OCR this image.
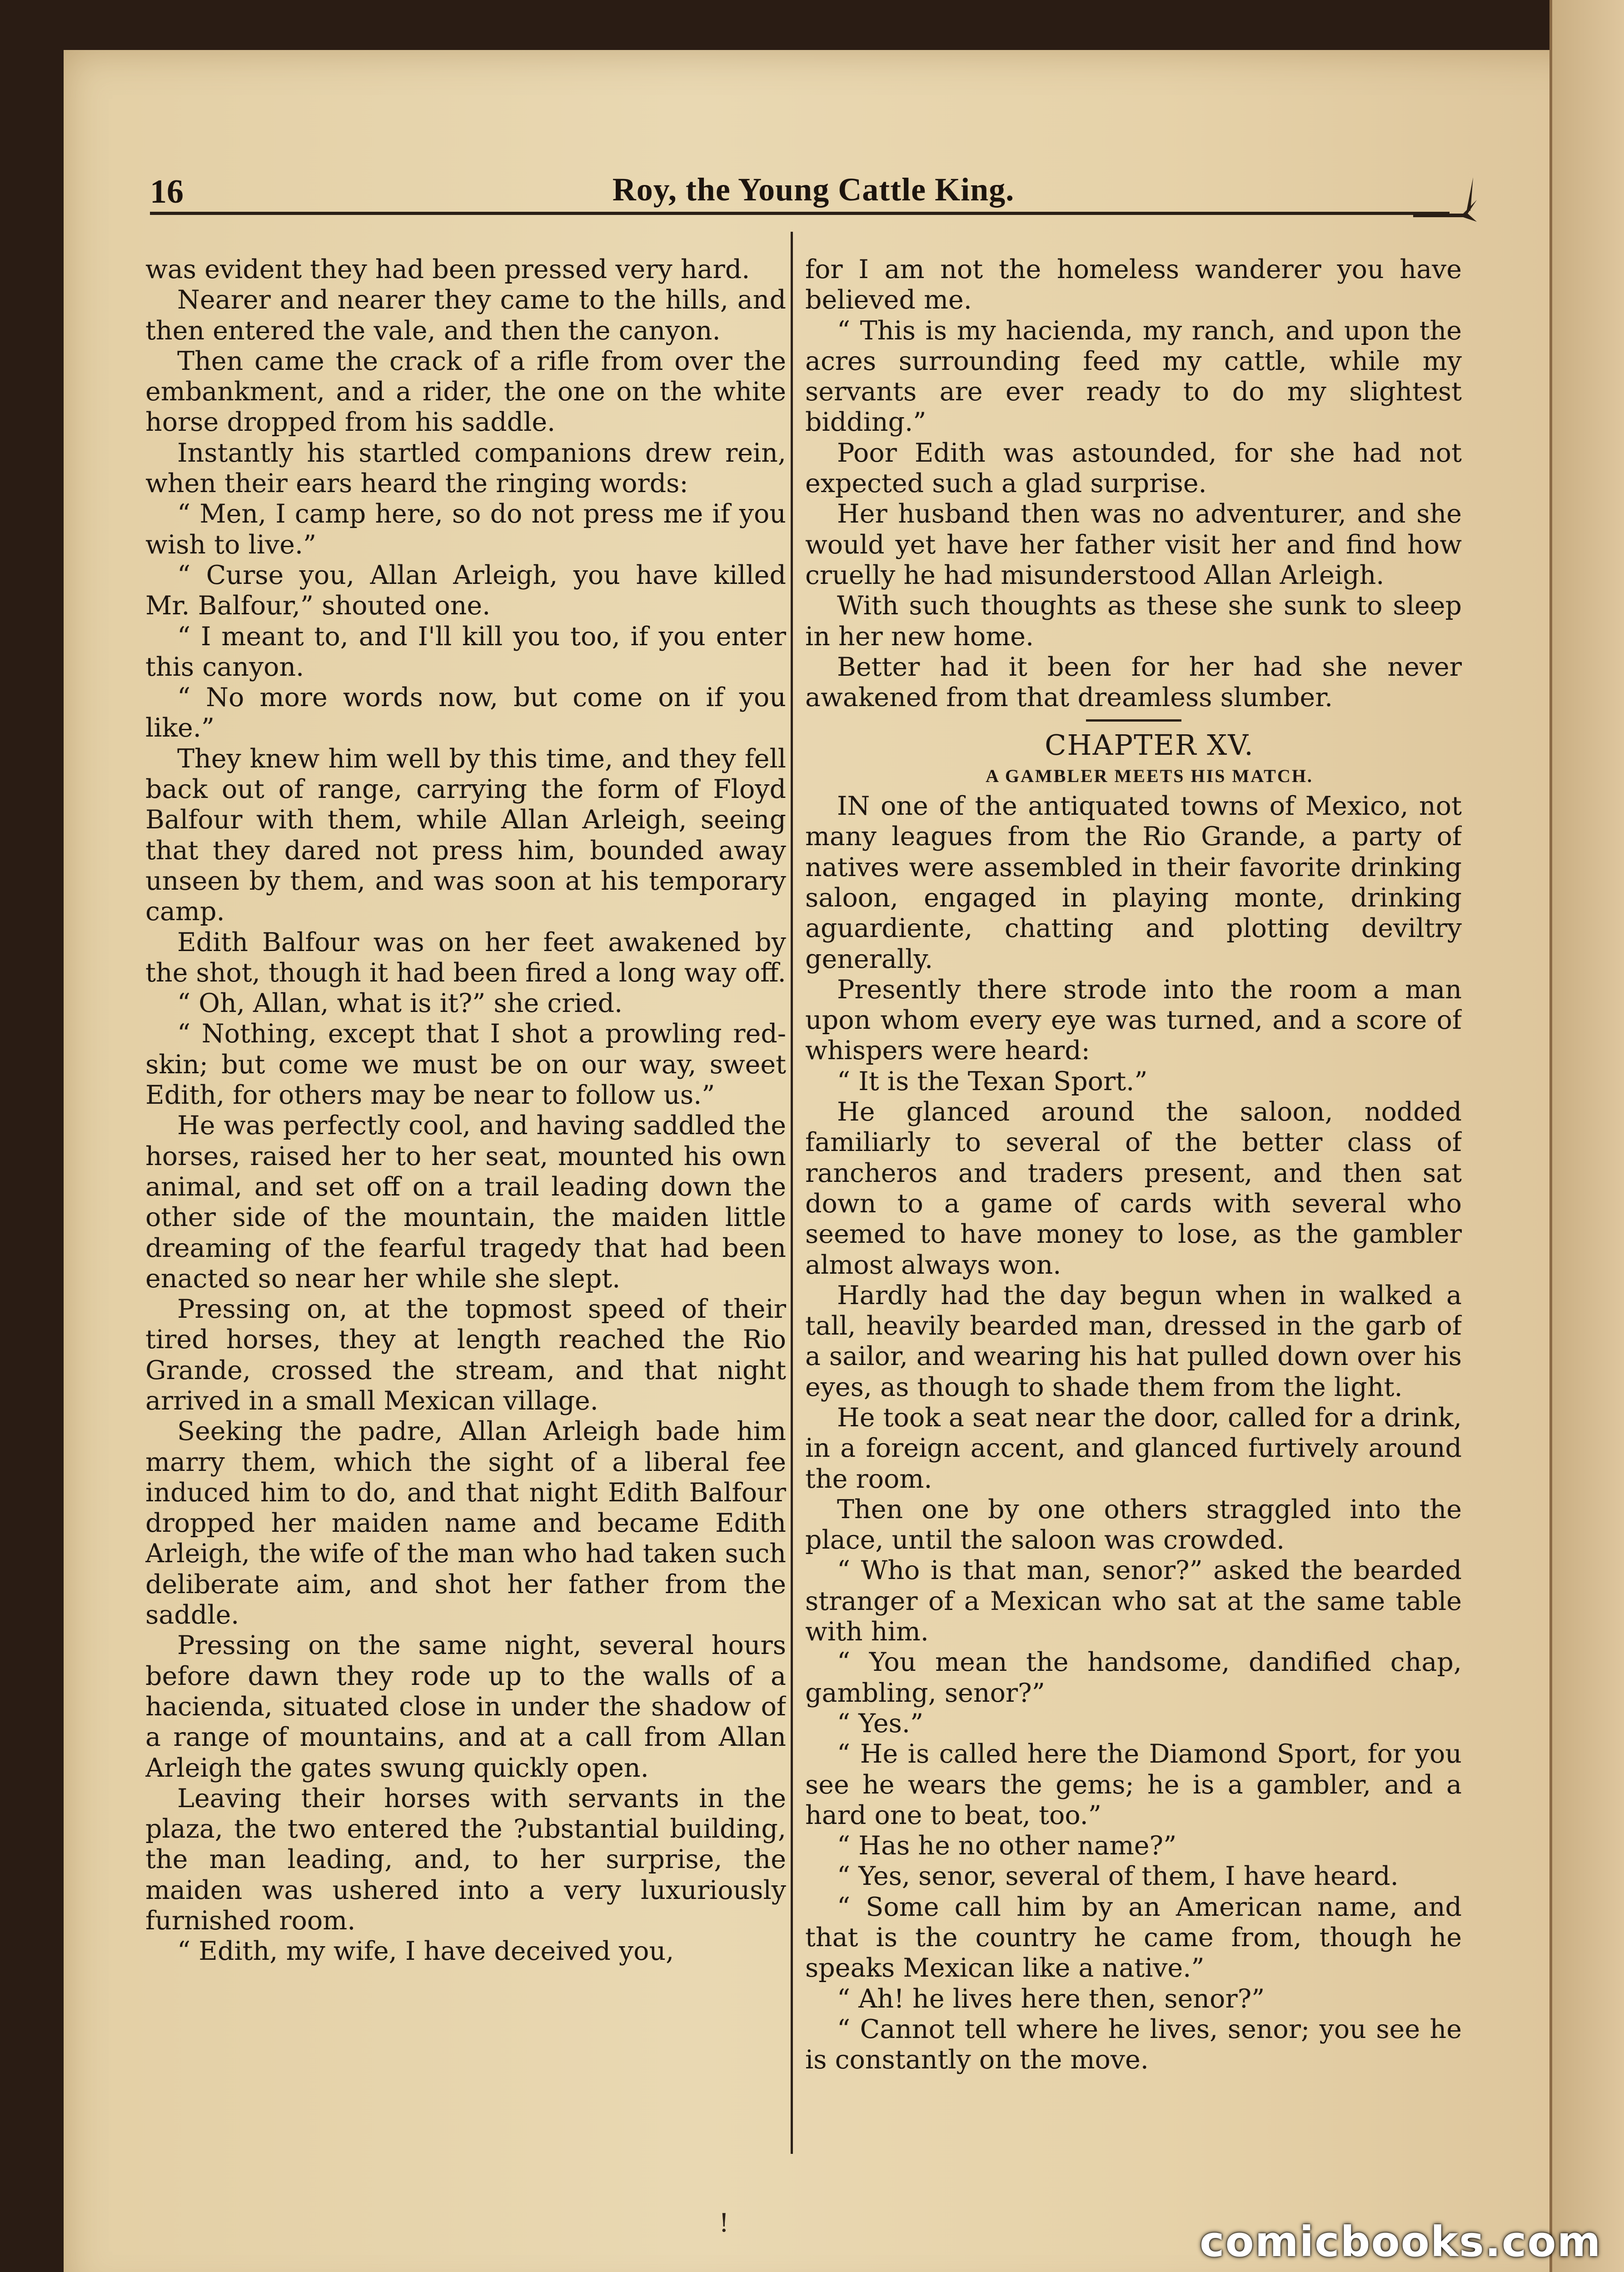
16	Roy, the Young Cattle King.

was evident they had been pressed very hard.

Nearer and nearer they came to the hills, and then entered the vale, and then the canyon.

Then came the crack of a rifle from over the embankment, and a rider, the one on the white horse dropped from his saddle.

Instantly his startled companions drew rein, when their ears heard the ringing words:

“ Men, I camp here, so do not press me if you wish to live.”

“ Curse you, Allan Arleigh, you have killed Mr. Balfour,” shouted one.

“ I meant to, and I'll kill you too, if you enter this canyon.

“ No more words now, but come on if you like.”

They knew him well by this time, and they fell back out of range, carrying the form of Floyd Balfour with them, while Allan Arleigh, seeing that they dared not press him, bounded away unseen by them, and was soon at his temporary camp.

Edith Balfour was on her feet awakened by the shot, though it had been fired a long way off.

“ Oh, Allan, what is it?” she cried.

“ Nothing, except that I shot a prowling red-skin; but come we must be on our way, sweet Edith, for others may be near to follow us.”

He was perfectly cool, and having saddled the horses, raised her to her seat, mounted his own animal, and set off on a trail leading down the other side of the mountain, the maiden little dreaming of the fearful tragedy that had been enacted so near her while she slept.

Pressing on, at the topmost speed of their tired horses, they at length reached the Rio Grande, crossed the stream, and that night arrived in a small Mexican village.

Seeking the padre, Allan Arleigh bade him marry them, which the sight of a liberal fee induced him to do, and that night Edith Balfour dropped her maiden name and became Edith Arleigh, the wife of the man who had taken such deliberate aim, and shot her father from the saddle.

Pressing on the same night, several hours before dawn they rode up to the walls of a hacienda, situated close in under the shadow of a range of mountains, and at a call from Allan Arleigh the gates swung quickly open.

Leaving their horses with servants in the plaza, the two entered the ?ubstantial building, the man leading, and, to her surprise, the maiden was ushered into a very luxuriously furnished room.

“ Edith, my wife, I have deceived you,

for I am not the homeless wanderer you have believed me.

“ This is my hacienda, my ranch, and upon the acres surrounding feed my cattle, while my servants are ever ready to do my slightest bidding.”

Poor Edith was astounded, for she had not expected such a glad surprise.

Her husband then was no adventurer, and she would yet have her father visit her and find how cruelly he had misunderstood Allan Arleigh.

With such thoughts as these she sunk to sleep in her new home.

Better had it been for her had she never awakened from that dreamless slumber.

CHAPTER XV.

A GAMBLER MEETS HIS MATCH.

IN one of the antiquated towns of Mexico, not many leagues from the Rio Grande, a party of natives were assembled in their favorite drinking saloon, engaged in playing monte, drinking aguardiente, chatting and plotting deviltry generally.

Presently there strode into the room a man upon whom every eye was turned, and a score of whispers were heard:

“ It is the Texan Sport.”

He glanced around the saloon, nodded familiarly to several of the better class of rancheros and traders present, and then sat down to a game of cards with several who seemed to have money to lose, as the gambler almost always won.

Hardly had the day begun when in walked a tall, heavily bearded man, dressed in the garb of a sailor, and wearing his hat pulled down over his eyes, as though to shade them from the light.

He took a seat near the door, called for a drink, in a foreign accent, and glanced furtively around the room.

Then one by one others straggled into the place, until the saloon was crowded.

“ Who is that man, senor?” asked the bearded stranger of a Mexican who sat at the same table with him.

“ You mean the handsome, dandified chap, gambling, senor?”

“ Yes.”

“ He is called here the Diamond Sport, for you see he wears the gems; he is a gambler, and a hard one to beat, too.”

“ Has he no other name?”

“ Yes, senor, several of them, I have heard.

“ Some call him by an American name, and that is the country he came from, though he speaks Mexican like a native.”

“ Ah! he lives here then, senor?”

“ Cannot tell where he lives, senor; you see he is constantly on the move.

!	comicbooks.com
